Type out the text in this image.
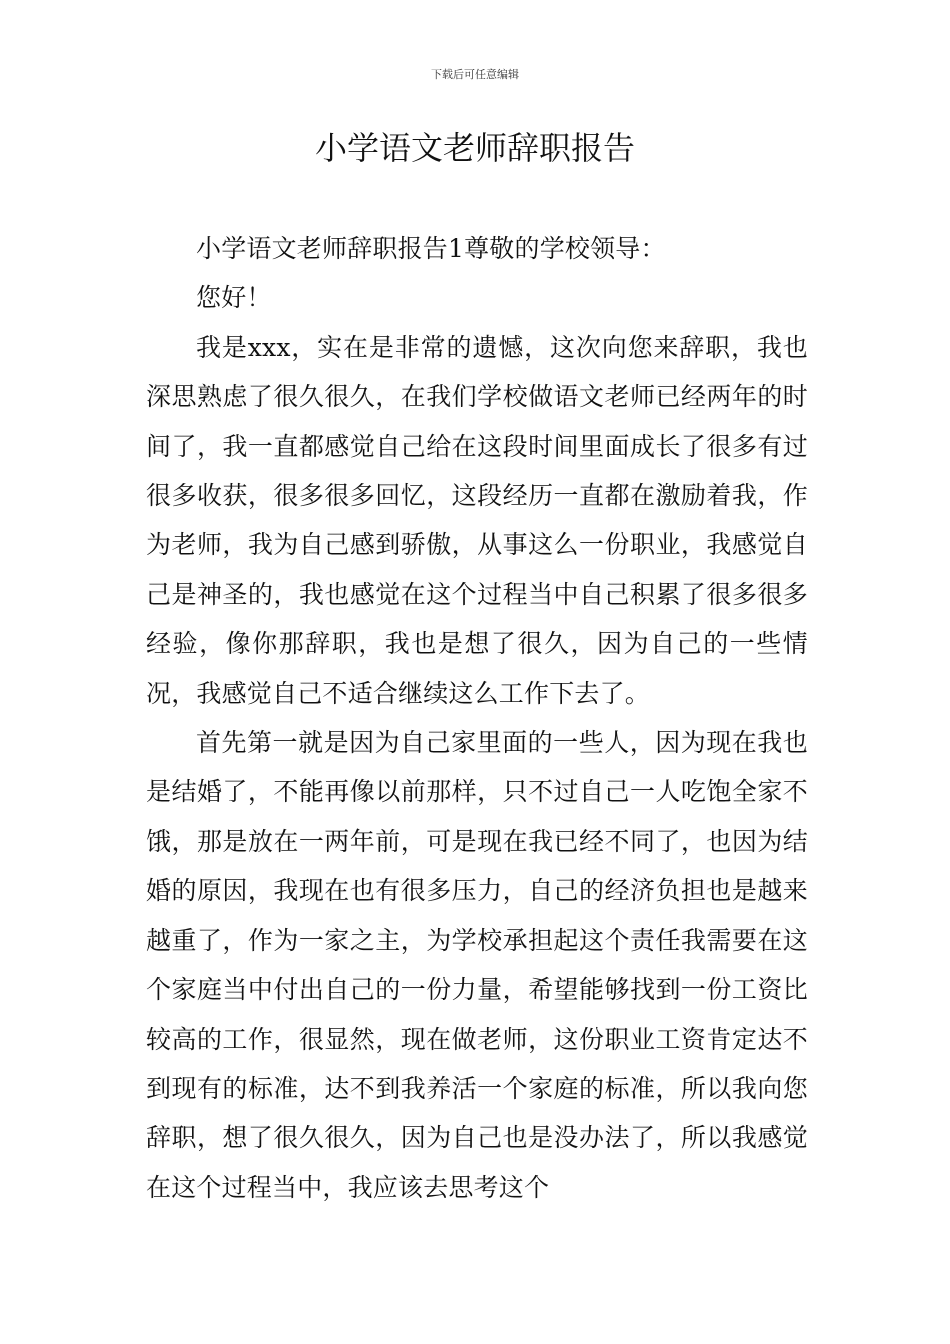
下载后可任意编辑
小学语文老师辞职报告

小学语文老师辞职报告1尊敬的学校领导：

您好！

我是xxx，实在是非常的遗憾，这次向您来辞职，我也深思熟虑了很久很久，在我们学校做语文老师已经两年的时间了，我一直都感觉自己给在这段时间里面成长了很多有过很多收获，很多很多回忆，这段经历一直都在激励着我，作为老师，我为自己感到骄傲，从事这么一份职业，我感觉自己是神圣的，我也感觉在这个过程当中自己积累了很多很多经验，像你那辞职，我也是想了很久，因为自己的一些情况，我感觉自己不适合继续这么工作下去了。

首先第一就是因为自己家里面的一些人，因为现在我也是结婚了，不能再像以前那样，只不过自己一人吃饱全家不饿，那是放在一两年前，可是现在我已经不同了，也因为结婚的原因，我现在也有很多压力，自己的经济负担也是越来越重了，作为一家之主，为学校承担起这个责任我需要在这个家庭当中付出自己的一份力量，希望能够找到一份工资比较高的工作，很显然，现在做老师，这份职业工资肯定达不到现有的标准，达不到我养活一个家庭的标准，所以我向您辞职，想了很久很久，因为自己也是没办法了，所以我感觉在这个过程当中，我应该去思考这个
